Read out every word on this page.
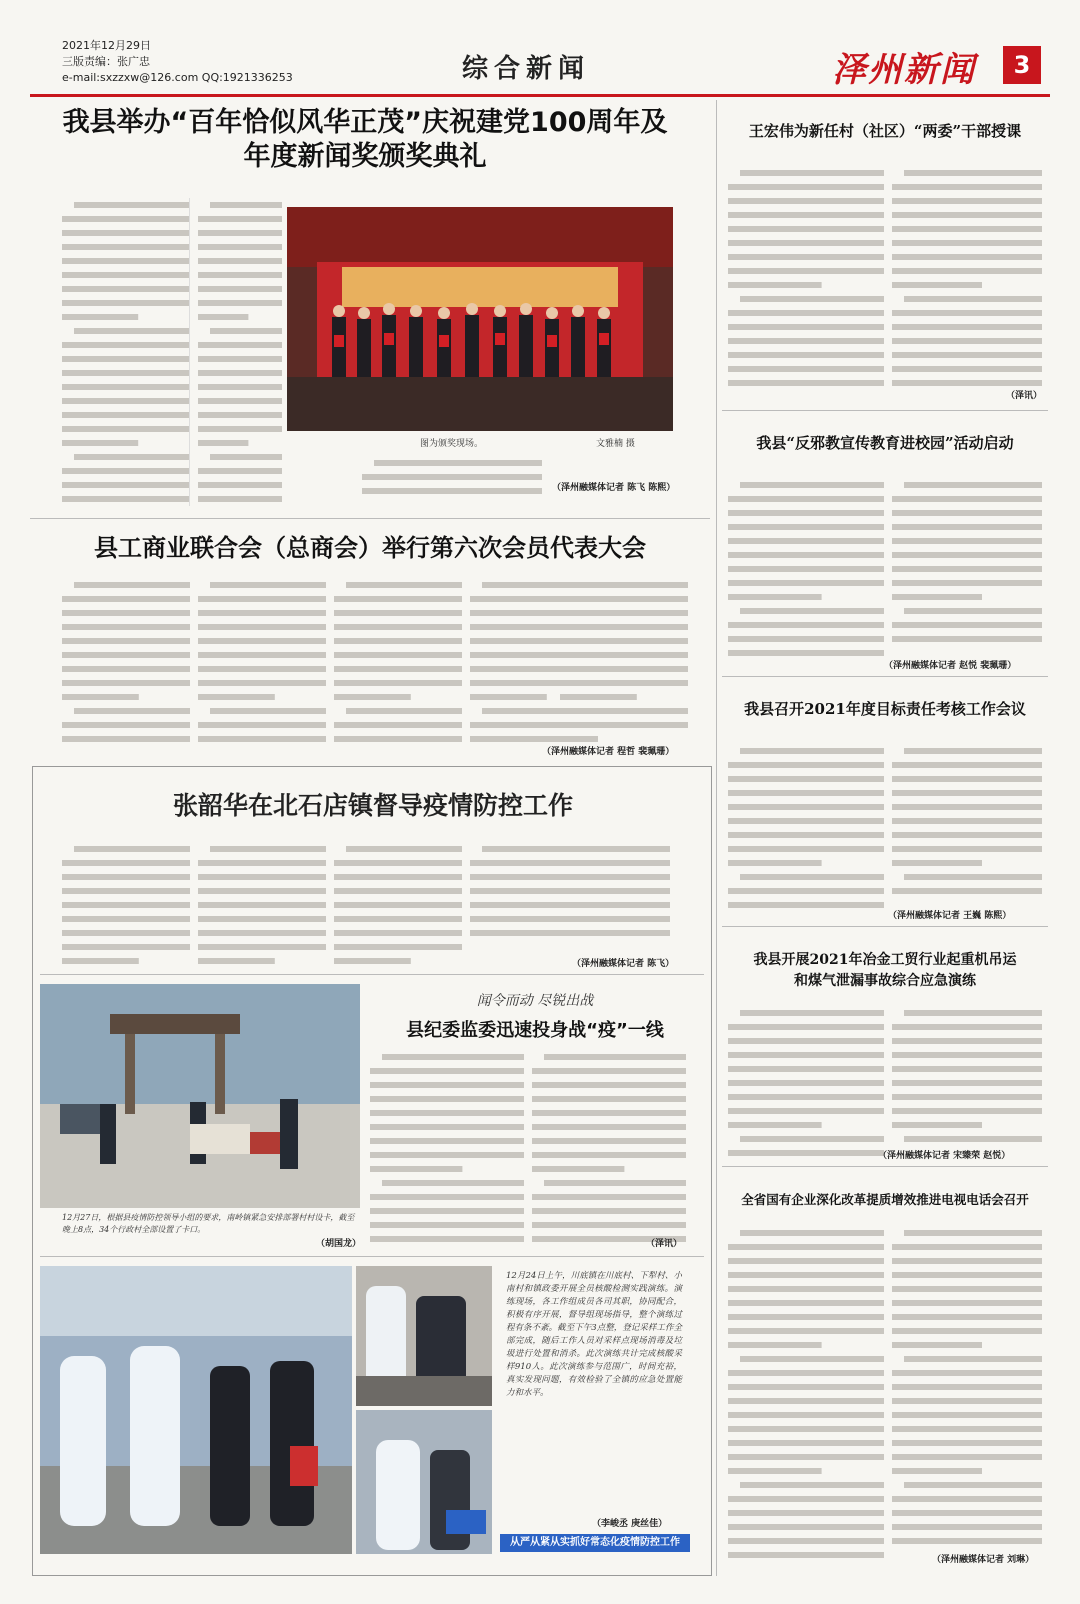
2021年12月29日
三版责编：张广忠
e-mail:sxzzxw@126.com QQ:1921336253	综合新闻	泽州新闻	3
我县举办“百年恰似风华正茂”庆祝建党100周年及
年度新闻奖颁奖典礼
图为颁奖现场。	文雅楠 摄
（泽州融媒体记者 陈飞 陈熙）
县工商业联合会（总商会）举行第六次会员代表大会
（泽州融媒体记者 程哲 裴珮珊）
张韶华在北石店镇督导疫情防控工作
（泽州融媒体记者 陈飞）
12月27日，根据县疫情防控领导小组的要求，南岭镇紧急安排部署村村设卡，截至晚上8点，34个行政村全部设置了卡口。
（胡国龙）
闻令而动 尽锐出战
县纪委监委迅速投身战“疫”一线
（泽讯）
12月24日上午，川底镇在川底村、下犁村、小南村和镇政委开展全员核酸检测实践演练。演练现场，各工作组成员各司其职，协同配合，积极有序开展，督导组现场指导，整个演练过程有条不紊。截至下午3点整，登记采样工作全部完成，随后工作人员对采样点现场消毒及垃圾进行处置和消杀。此次演练共计完成核酸采样910人。此次演练参与范围广，时间充裕，真实发现问题，有效检验了全镇的应急处置能力和水平。
（李峻丞 庚丝佳）
从严从紧从实抓好常态化疫情防控工作
王宏伟为新任村（社区）“两委”干部授课
（泽讯）
我县“反邪教宣传教育进校园”活动启动
（泽州融媒体记者 赵悦 裴珮珊）
我县召开2021年度目标责任考核工作会议
（泽州融媒体记者 王巍 陈熙）
我县开展2021年冶金工贸行业起重机吊运
和煤气泄漏事故综合应急演练
（泽州融媒体记者 宋臻荣 赵悦）
全省国有企业深化改革提质增效推进电视电话会召开
（泽州融媒体记者 刘琳）
